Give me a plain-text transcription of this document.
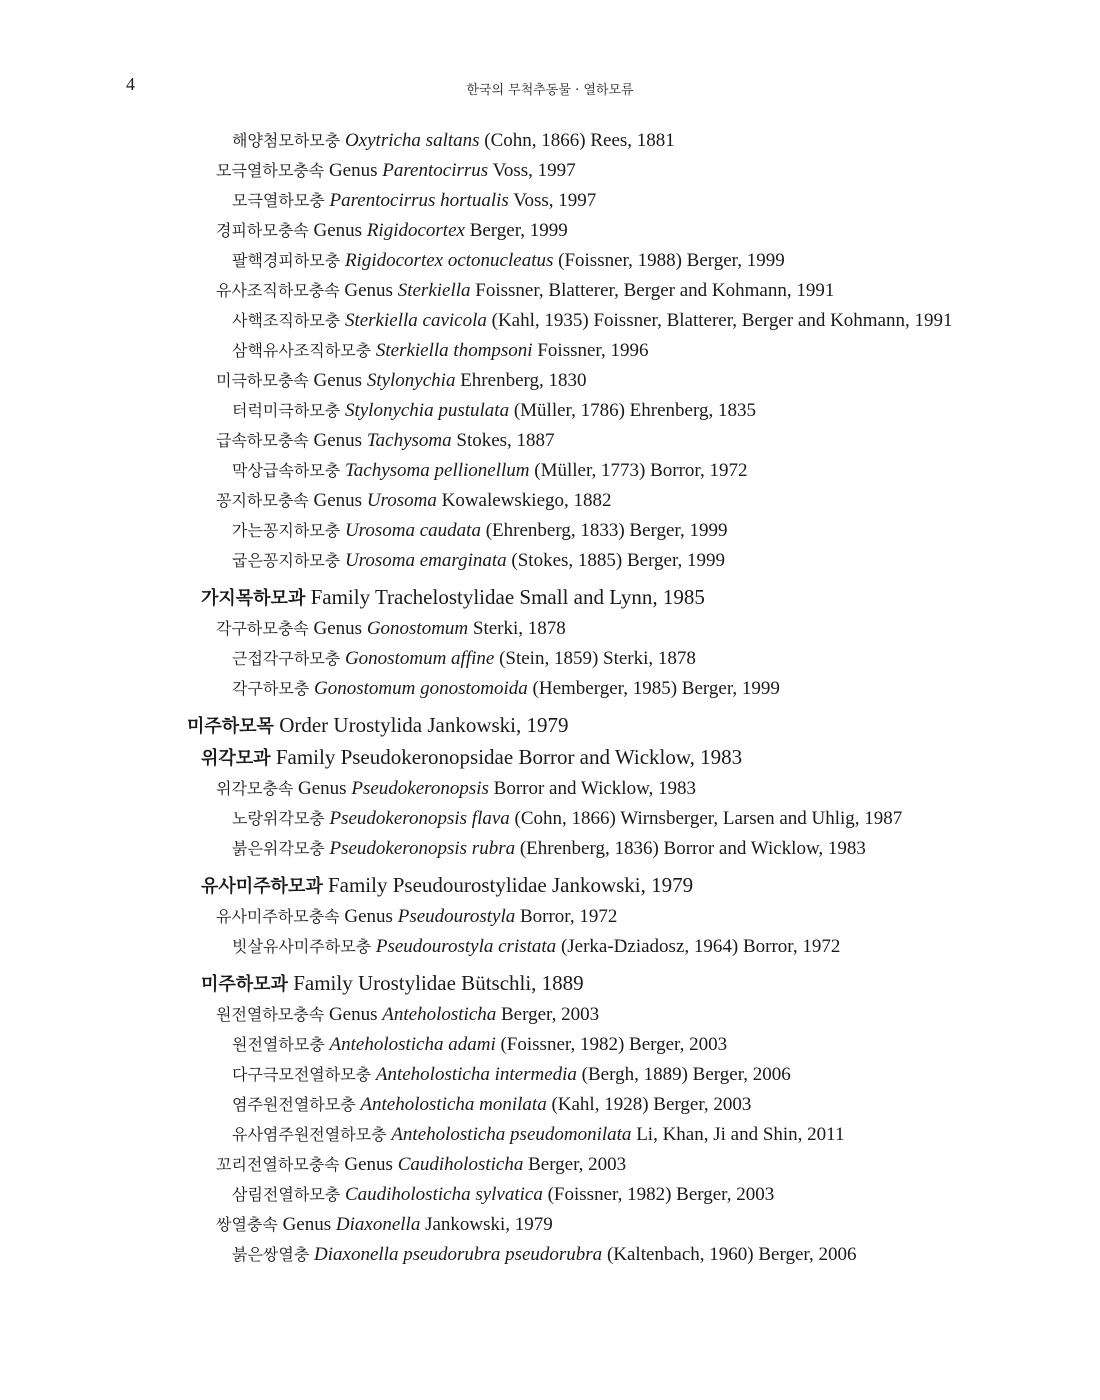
4	한국의 무척추동물 · 열하모류
해양첨모하모충 Oxytricha saltans (Cohn, 1866) Rees, 1881
모극열하모충속 Genus Parentocirrus Voss, 1997
모극열하모충 Parentocirrus hortualis Voss, 1997
경피하모충속 Genus Rigidocortex Berger, 1999
팔핵경피하모충 Rigidocortex octonucleatus (Foissner, 1988) Berger, 1999
유사조직하모충속 Genus Sterkiella Foissner, Blatterer, Berger and Kohmann, 1991
사핵조직하모충 Sterkiella cavicola (Kahl, 1935) Foissner, Blatterer, Berger and Kohmann, 1991
삼핵유사조직하모충 Sterkiella thompsoni Foissner, 1996
미극하모충속 Genus Stylonychia Ehrenberg, 1830
터럭미극하모충 Stylonychia pustulata (Müller, 1786) Ehrenberg, 1835
급속하모충속 Genus Tachysoma Stokes, 1887
막상급속하모충 Tachysoma pellionellum (Müller, 1773) Borror, 1972
꽁지하모충속 Genus Urosoma Kowalewskiego, 1882
가는꽁지하모충 Urosoma caudata (Ehrenberg, 1833) Berger, 1999
굽은꽁지하모충 Urosoma emarginata (Stokes, 1885) Berger, 1999
가지목하모과 Family Trachelostylidae Small and Lynn, 1985
각구하모충속 Genus Gonostomum Sterki, 1878
근접각구하모충 Gonostomum affine (Stein, 1859) Sterki, 1878
각구하모충 Gonostomum gonostomoida (Hemberger, 1985) Berger, 1999
미주하모목 Order Urostylida Jankowski, 1979
위각모과 Family Pseudokeronopsidae Borror and Wicklow, 1983
위각모충속 Genus Pseudokeronopsis Borror and Wicklow, 1983
노랑위각모충 Pseudokeronopsis flava (Cohn, 1866) Wirnsberger, Larsen and Uhlig, 1987
붉은위각모충 Pseudokeronopsis rubra (Ehrenberg, 1836) Borror and Wicklow, 1983
유사미주하모과 Family Pseudourostylidae Jankowski, 1979
유사미주하모충속 Genus Pseudourostyla Borror, 1972
빗살유사미주하모충 Pseudourostyla cristata (Jerka-Dziadosz, 1964) Borror, 1972
미주하모과 Family Urostylidae Bütschli, 1889
원전열하모충속 Genus Anteholosticha Berger, 2003
원전열하모충 Anteholosticha adami (Foissner, 1982) Berger, 2003
다구극모전열하모충 Anteholosticha intermedia (Bergh, 1889) Berger, 2006
염주원전열하모충 Anteholosticha monilata (Kahl, 1928) Berger, 2003
유사염주원전열하모충 Anteholosticha pseudomonilata Li, Khan, Ji and Shin, 2011
꼬리전열하모충속 Genus Caudiholosticha Berger, 2003
삼림전열하모충 Caudiholosticha sylvatica (Foissner, 1982) Berger, 2003
쌍열충속 Genus Diaxonella Jankowski, 1979
붉은쌍열충 Diaxonella pseudorubra pseudorubra (Kaltenbach, 1960) Berger, 2006
